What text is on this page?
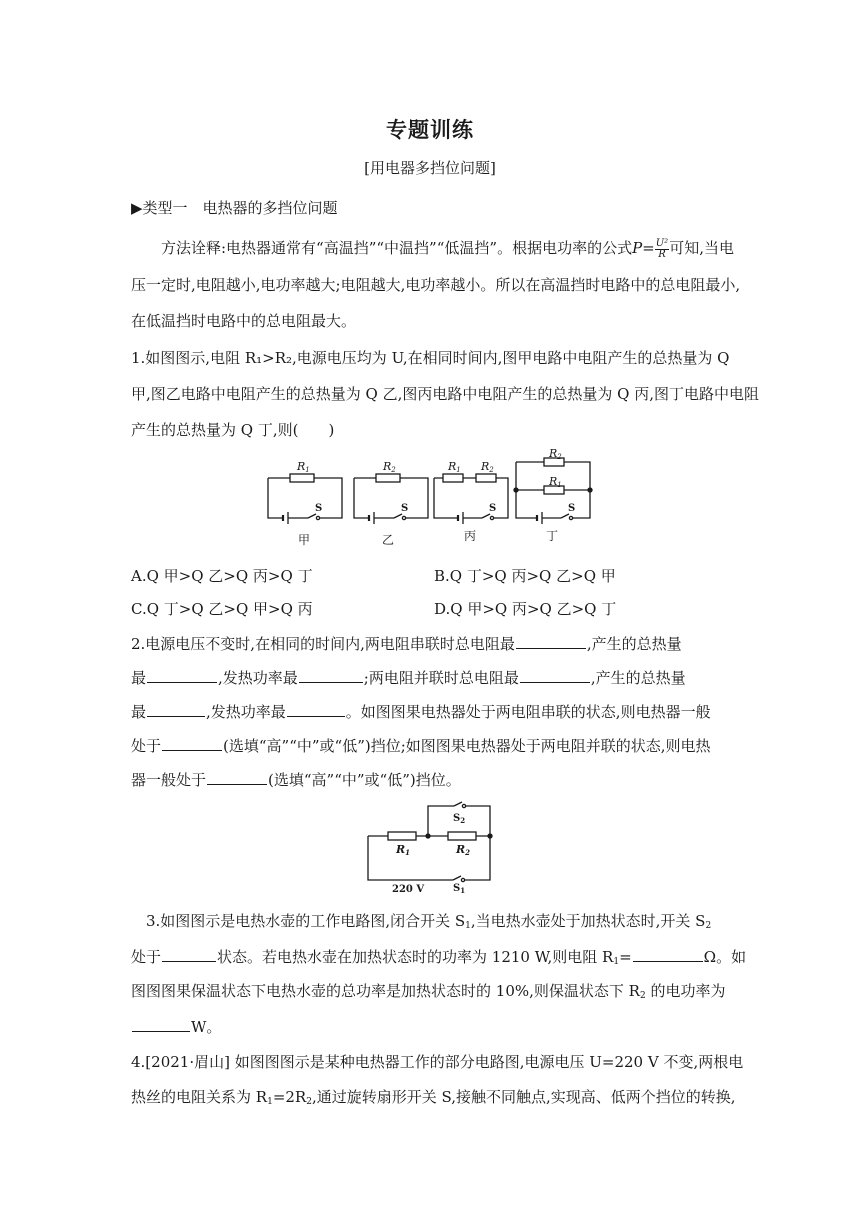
专题训练
[用电器多挡位问题]
▶类型一　电热器的多挡位问题
方法诠释:电热器通常有“高温挡”“中温挡”“低温挡”。根据电功率的公式$P= \frac{\text{U²}}{R}$ 可知,当电
压一定时,电阻越小,电功率越大;电阻越大,电功率越小。所以在高温挡时电路中的总电阻最小,
在低温挡时电路中的总电阻最大。
1.如图图示,电阻 R₁>R₂,电源电压均为 U,在相同时间内,图甲电路中电阻产生的总热量为 Q
甲,图乙电路中电阻产生的总热量为 Q 乙,图丙电路中电阻产生的总热量为 Q 丙,图丁电路中电阻
产生的总热量为 Q 丁,则(　　)
R1	R2	R1 R2
R2
R1
S	S	S	S
甲	乙	丙	丁
A.Q 甲>Q 乙>Q 丙>Q 丁	B.Q 丁>Q 丙>Q 乙>Q 甲
C.Q 丁>Q 乙>Q 甲>Q 丙	D.Q 甲>Q 丙>Q 乙>Q 丁
2.电源电压不变时,在相同的时间内,两电阻串联时总电阻最	,产生的总热量
最	,发热功率最	;两电阻并联时总电阻最	,产生的总热量
最	,发热功率最	。如图图果电热器处于两电阻串联的状态,则电热器一般
处于	(选填“高”“中”或“低”)挡位;如图图果电热器处于两电阻并联的状态,则电热
器一般处于	(选填“高”“中”或“低”)挡位。
$S_2$
$S_1$
220 V
R1	R2
3.如图图示是电热水壶的工作电路图,闭合开关 $S_1$,当电热水壶处于加热状态时,开关 $S_2$
处于	状态。若电热水壶在加热状态时的功率为 1210 W,则电阻 $R_1=$	Ω。如
图图图果保温状态下电热水壶的总功率是加热状态时的 10%,则保温状态下 $R_2$ 的电功率为
W。
4.[2021·眉山] 如图图图示是某种电热器工作的部分电路图,电源电压 U=220 V 不变,两根电
热丝的电阻关系为 $R_1=2R_2$,通过旋转扇形开关 S,接触不同触点,实现高、低两个挡位的转换,
